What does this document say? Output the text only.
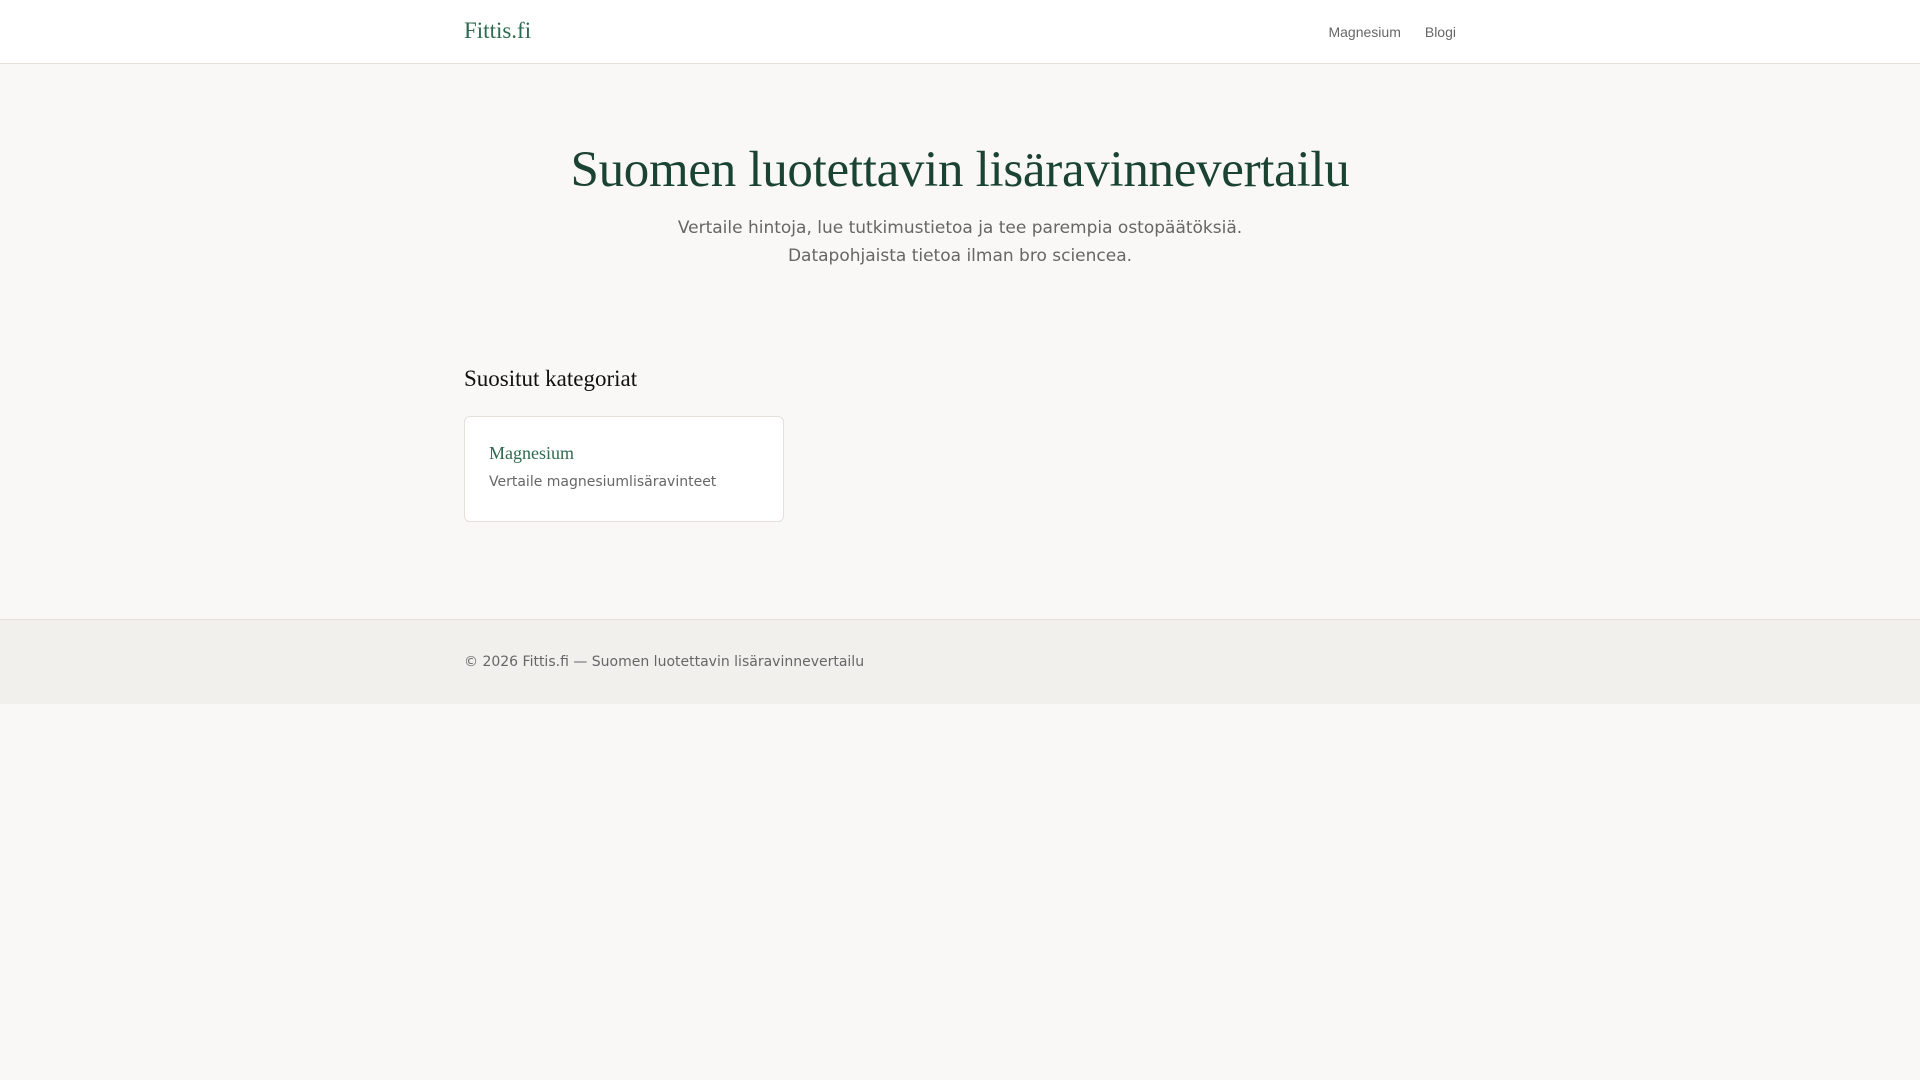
Fittis.fi	Magnesium Blogi
Suomen luotettavin lisäravinnevertailu

Vertaile hintoja, lue tutkimustietoa ja tee parempia ostopäätöksiä.
Datapohjaista tietoa ilman bro sciencea.

Suositut kategoriat
Magnesium
Vertaile magnesiumlisäravinteet

© 2026 Fittis.fi — Suomen luotettavin lisäravinnevertailu
